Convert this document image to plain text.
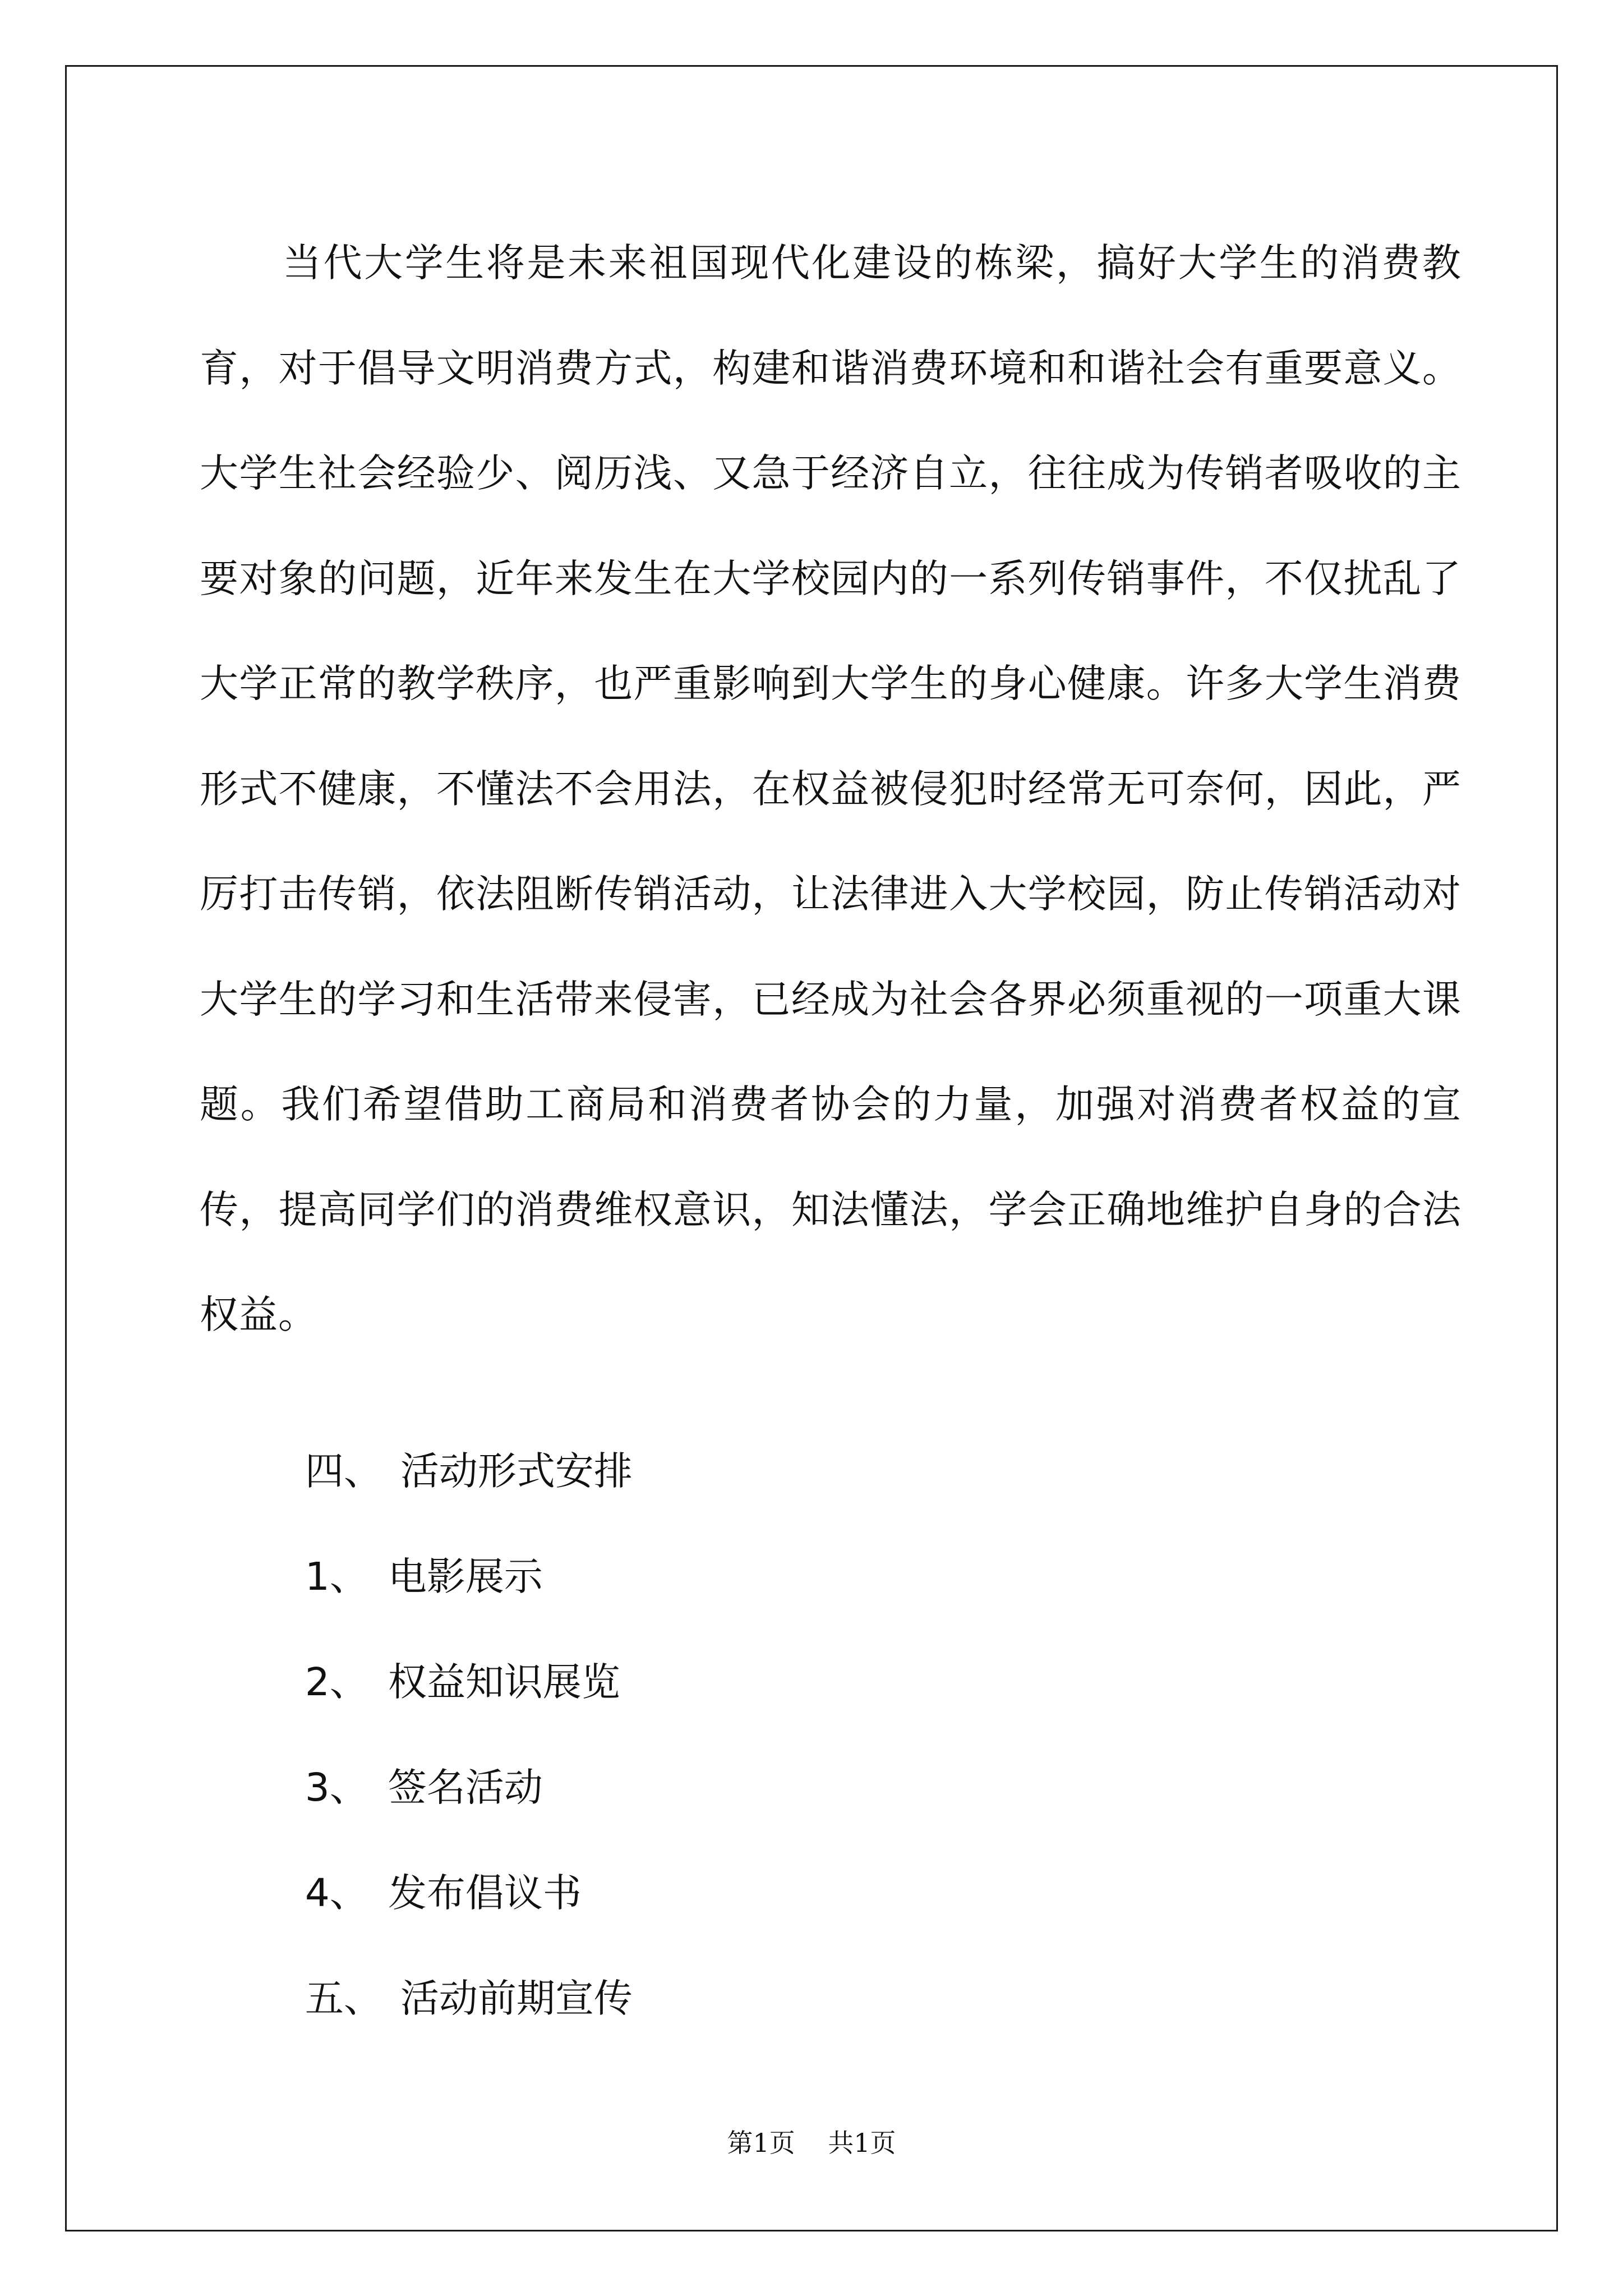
当代大学生将是未来祖国现代化建设的栋梁，搞好大学生的消费教育，对于倡导文明消费方式，构建和谐消费环境和和谐社会有重要意义。大学生社会经验少、阅历浅、又急于经济自立，往往成为传销者吸收的主要对象的问题，近年来发生在大学校园内的一系列传销事件，不仅扰乱了大学正常的教学秩序，也严重影响到大学生的身心健康。许多大学生消费形式不健康，不懂法不会用法，在权益被侵犯时经常无可奈何，因此，严厉打击传销，依法阻断传销活动，让法律进入大学校园，防止传销活动对大学生的学习和生活带来侵害，已经成为社会各界必须重视的一项重大课题。我们希望借助工商局和消费者协会的力量，加强对消费者权益的宣传，提高同学们的消费维权意识，知法懂法，学会正确地维护自身的合法权益。

四、 活动形式安排

1、 电影展示

2、 权益知识展览

3、 签名活动

4、 发布倡议书

五、 活动前期宣传

第1页 共1页
